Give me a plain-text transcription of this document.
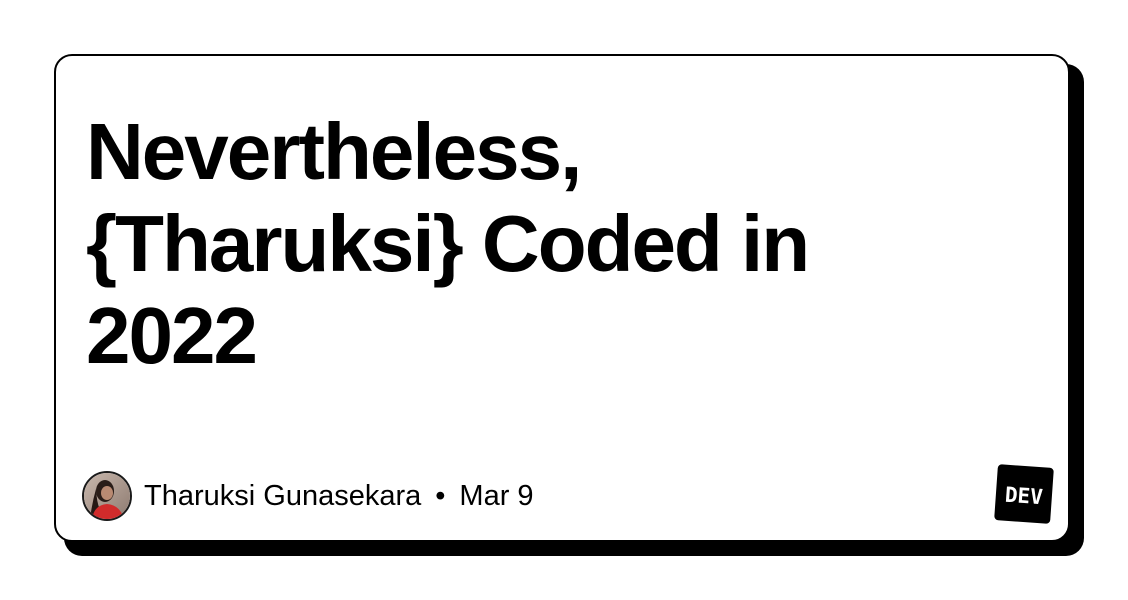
Nevertheless,
{Tharuksi} Coded in
2022
Tharuksi Gunasekara • Mar 9	DEV
